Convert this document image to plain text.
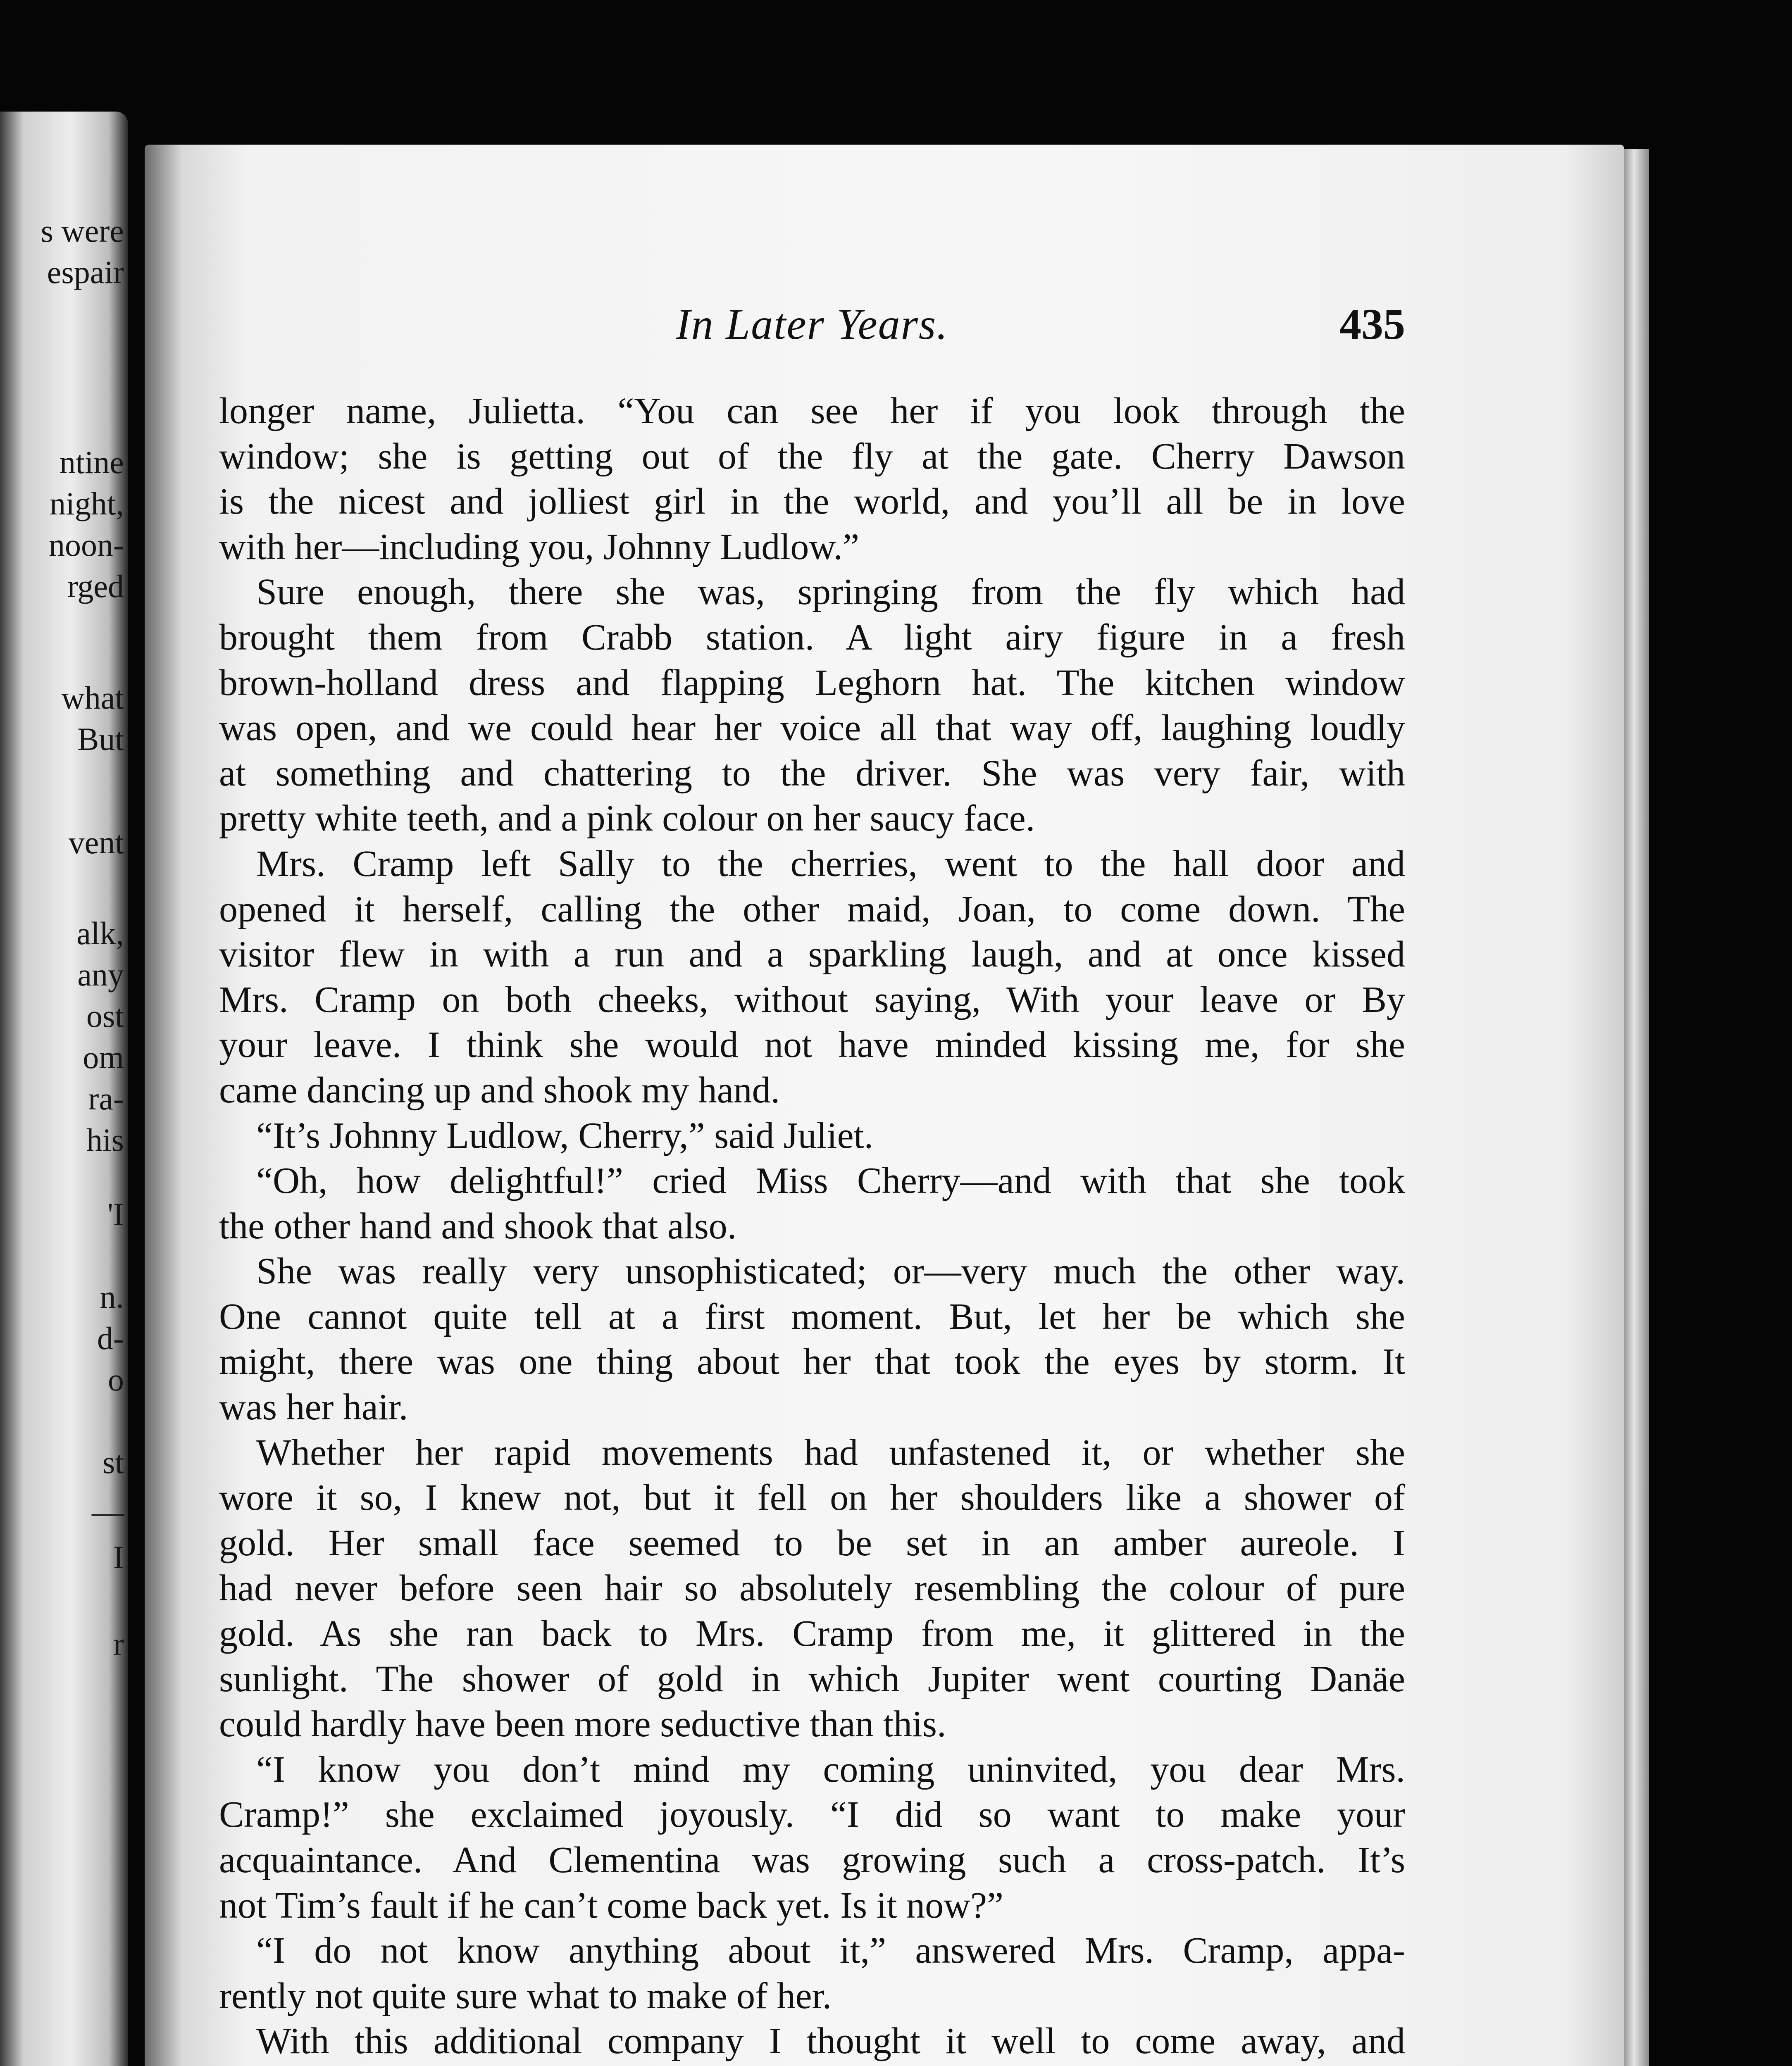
s were
espair
ntine
night,
noon-
rged
what
But
vent
alk,
any
ost
om
ra-
his
'I
n.
d-
o
st
—
I
r
In Later Years.	435
longer name, Julietta. “You can see her if you look through the
window; she is getting out of the fly at the gate. Cherry Dawson
is the nicest and jolliest girl in the world, and you’ll all be in love
with her—including you, Johnny Ludlow.”
Sure enough, there she was, springing from the fly which had
brought them from Crabb station. A light airy figure in a fresh
brown-holland dress and flapping Leghorn hat. The kitchen window
was open, and we could hear her voice all that way off, laughing loudly
at something and chattering to the driver. She was very fair, with
pretty white teeth, and a pink colour on her saucy face.
Mrs. Cramp left Sally to the cherries, went to the hall door and
opened it herself, calling the other maid, Joan, to come down. The
visitor flew in with a run and a sparkling laugh, and at once kissed
Mrs. Cramp on both cheeks, without saying, With your leave or By
your leave. I think she would not have minded kissing me, for she
came dancing up and shook my hand.
“It’s Johnny Ludlow, Cherry,” said Juliet.
“Oh, how delightful!” cried Miss Cherry—and with that she took
the other hand and shook that also.
She was really very unsophisticated; or—very much the other way.
One cannot quite tell at a first moment. But, let her be which she
might, there was one thing about her that took the eyes by storm. It
was her hair.
Whether her rapid movements had unfastened it, or whether she
wore it so, I knew not, but it fell on her shoulders like a shower of
gold. Her small face seemed to be set in an amber aureole. I
had never before seen hair so absolutely resembling the colour of pure
gold. As she ran back to Mrs. Cramp from me, it glittered in the
sunlight. The shower of gold in which Jupiter went courting Danäe
could hardly have been more seductive than this.
“I know you don’t mind my coming uninvited, you dear Mrs.
Cramp!” she exclaimed joyously. “I did so want to make your
acquaintance. And Clementina was growing such a cross-patch. It’s
not Tim’s fault if he can’t come back yet. Is it now?”
“I do not know anything about it,” answered Mrs. Cramp, appa-
rently not quite sure what to make of her.
With this additional company I thought it well to come away, and
